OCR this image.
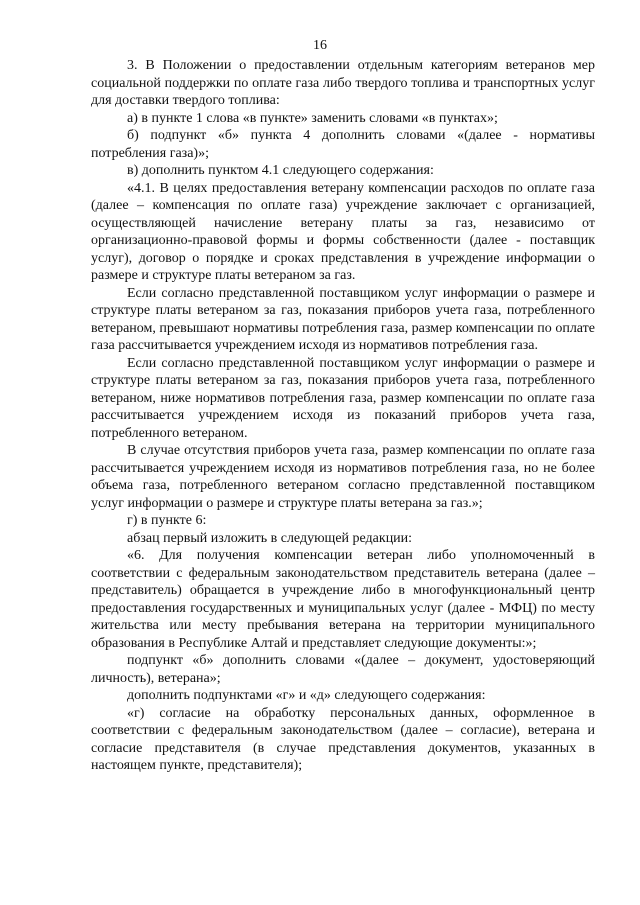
16

3. В Положении о предоставлении отдельным категориям ветеранов мер социальной поддержки по оплате газа либо твердого топлива и транспортных услуг для доставки твердого топлива:

а) в пункте 1 слова «в пункте» заменить словами «в пунктах»;

б) подпункт «б» пункта 4 дополнить словами «(далее - нормативы потребления газа)»;

в) дополнить пунктом 4.1 следующего содержания:

«4.1. В целях предоставления ветерану компенсации расходов по оплате газа (далее – компенсация по оплате газа) учреждение заключает с организацией, осуществляющей начисление ветерану платы за газ, независимо от организационно-правовой формы и формы собственности (далее - поставщик услуг), договор о порядке и сроках представления в учреждение информации о размере и структуре платы ветераном за газ.

Если согласно представленной поставщиком услуг информации о размере и структуре платы ветераном за газ, показания приборов учета газа, потребленного ветераном, превышают нормативы потребления газа, размер компенсации по оплате газа рассчитывается учреждением исходя из нормативов потребления газа.

Если согласно представленной поставщиком услуг информации о размере и структуре платы ветераном за газ, показания приборов учета газа, потребленного ветераном, ниже нормативов потребления газа, размер компенсации по оплате газа рассчитывается учреждением исходя из показаний приборов учета газа, потребленного ветераном.

В случае отсутствия приборов учета газа, размер компенсации по оплате газа рассчитывается учреждением исходя из нормативов потребления газа, но не более объема газа, потребленного ветераном согласно представленной поставщиком услуг информации о размере и структуре платы ветерана за газ.»;

г) в пункте 6:

абзац первый изложить в следующей редакции:

«6. Для получения компенсации ветеран либо уполномоченный в соответствии с федеральным законодательством представитель ветерана (далее – представитель) обращается в учреждение либо в многофункциональный центр предоставления государственных и муниципальных услуг (далее - МФЦ) по месту жительства или месту пребывания ветерана на территории муниципального образования в Республике Алтай и представляет следующие документы:»;

подпункт «б» дополнить словами «(далее – документ, удостоверяющий личность), ветерана»;

дополнить подпунктами «г» и «д» следующего содержания:

«г) согласие на обработку персональных данных, оформленное в соответствии с федеральным законодательством (далее – согласие), ветерана и согласие представителя (в случае представления документов, указанных в настоящем пункте, представителя);
